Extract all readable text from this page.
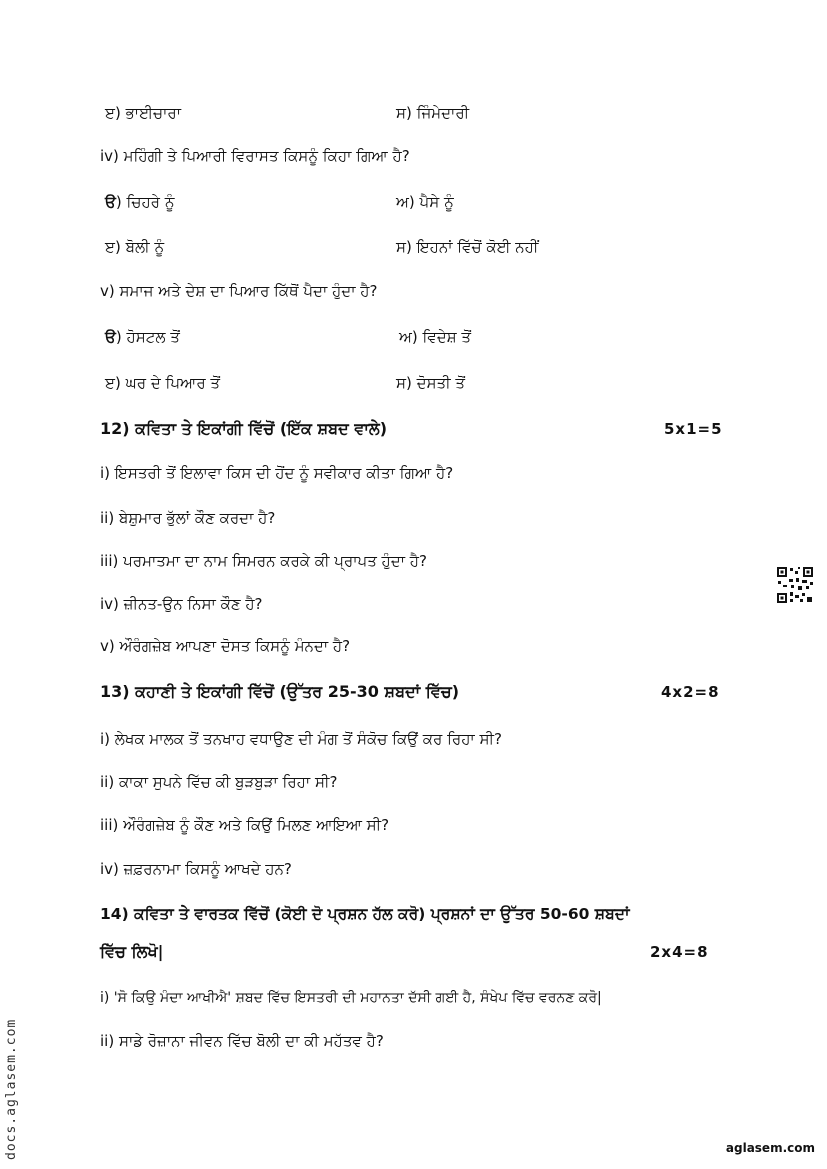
ੲ) ਭਾਈਚਾਰਾ	ਸ) ਜਿੰਮੇਦਾਰੀ
iv) ਮਹਿੰਗੀ ਤੇ ਪਿਆਰੀ ਵਿਰਾਸਤ ਕਿਸਨੂੰ ਕਿਹਾ ਗਿਆ ਹੈ?
ੳ) ਚਿਹਰੇ ਨੂੰ	ਅ) ਪੈਸੇ ਨੂੰ
ੲ) ਬੋਲੀ ਨੂੰ	ਸ) ਇਹਨਾਂ ਵਿੱਚੋਂ ਕੋਈ ਨਹੀਂ
v) ਸਮਾਜ ਅਤੇ ਦੇਸ਼ ਦਾ ਪਿਆਰ ਕਿੱਥੋਂ ਪੈਦਾ ਹੁੰਦਾ ਹੈ?
ੳ) ਹੋਸਟਲ ਤੋਂ	ਅ) ਵਿਦੇਸ਼ ਤੋਂ
ੲ) ਘਰ ਦੇ ਪਿਆਰ ਤੋਂ	ਸ) ਦੋਸਤੀ ਤੋਂ
12) ਕਵਿਤਾ ਤੇ ਇਕਾਂਗੀ ਵਿੱਚੋਂ (ਇੱਕ ਸ਼ਬਦ ਵਾਲੇ)	5x1=5
i) ਇਸਤਰੀ ਤੋਂ ਇਲਾਵਾ ਕਿਸ ਦੀ ਹੋਂਦ ਨੂੰ ਸਵੀਕਾਰ ਕੀਤਾ ਗਿਆ ਹੈ?
ii) ਬੇਸ਼ੁਮਾਰ ਭੁੱਲਾਂ ਕੌਣ ਕਰਦਾ ਹੈ?
iii) ਪਰਮਾਤਮਾ ਦਾ ਨਾਮ ਸਿਮਰਨ ਕਰਕੇ ਕੀ ਪ੍ਰਾਪਤ ਹੁੰਦਾ ਹੈ?
iv) ਜ਼ੀਨਤ-ਉਨ ਨਿਸਾ ਕੌਣ ਹੈ?
v) ਔਰੰਗਜ਼ੇਬ ਆਪਣਾ ਦੋਸਤ ਕਿਸਨੂੰ ਮੰਨਦਾ ਹੈ?
13) ਕਹਾਣੀ ਤੇ ਇਕਾਂਗੀ ਵਿੱਚੋਂ (ਉੱਤਰ 25-30 ਸ਼ਬਦਾਂ ਵਿੱਚ)	4x2=8
i) ਲੇਖਕ ਮਾਲਕ ਤੋਂ ਤਨਖਾਹ ਵਧਾਉਣ ਦੀ ਮੰਗ ਤੋਂ ਸੰਕੋਚ ਕਿਉਂ ਕਰ ਰਿਹਾ ਸੀ?
ii) ਕਾਕਾ ਸੁਪਨੇ ਵਿੱਚ ਕੀ ਬੁੜਬੁੜਾ ਰਿਹਾ ਸੀ?
iii) ਔਰੰਗਜ਼ੇਬ ਨੂੰ ਕੌਣ ਅਤੇ ਕਿਉਂ ਮਿਲਣ ਆਇਆ ਸੀ?
iv) ਜ਼ਫ਼ਰਨਾਮਾ ਕਿਸਨੂੰ ਆਖਦੇ ਹਨ?
14) ਕਵਿਤਾ ਤੇ ਵਾਰਤਕ ਵਿੱਚੋਂ (ਕੋਈ ਦੋ ਪ੍ਰਸ਼ਨ ਹੱਲ ਕਰੋ) ਪ੍ਰਸ਼ਨਾਂ ਦਾ ਉੱਤਰ 50-60 ਸ਼ਬਦਾਂ
ਵਿੱਚ ਲਿਖੋ|	2x4=8
i) 'ਸੋ ਕਿਉ ਮੰਦਾ ਆਖੀਐ' ਸ਼ਬਦ ਵਿੱਚ ਇਸਤਰੀ ਦੀ ਮਹਾਨਤਾ ਦੱਸੀ ਗਈ ਹੈ, ਸੰਖੇਪ ਵਿੱਚ ਵਰਨਣ ਕਰੋ|
ii) ਸਾਡੇ ਰੋਜ਼ਾਨਾ ਜੀਵਨ ਵਿੱਚ ਬੋਲੀ ਦਾ ਕੀ ਮਹੱਤਵ ਹੈ?
docs.aglasem.com	aglasem.com
